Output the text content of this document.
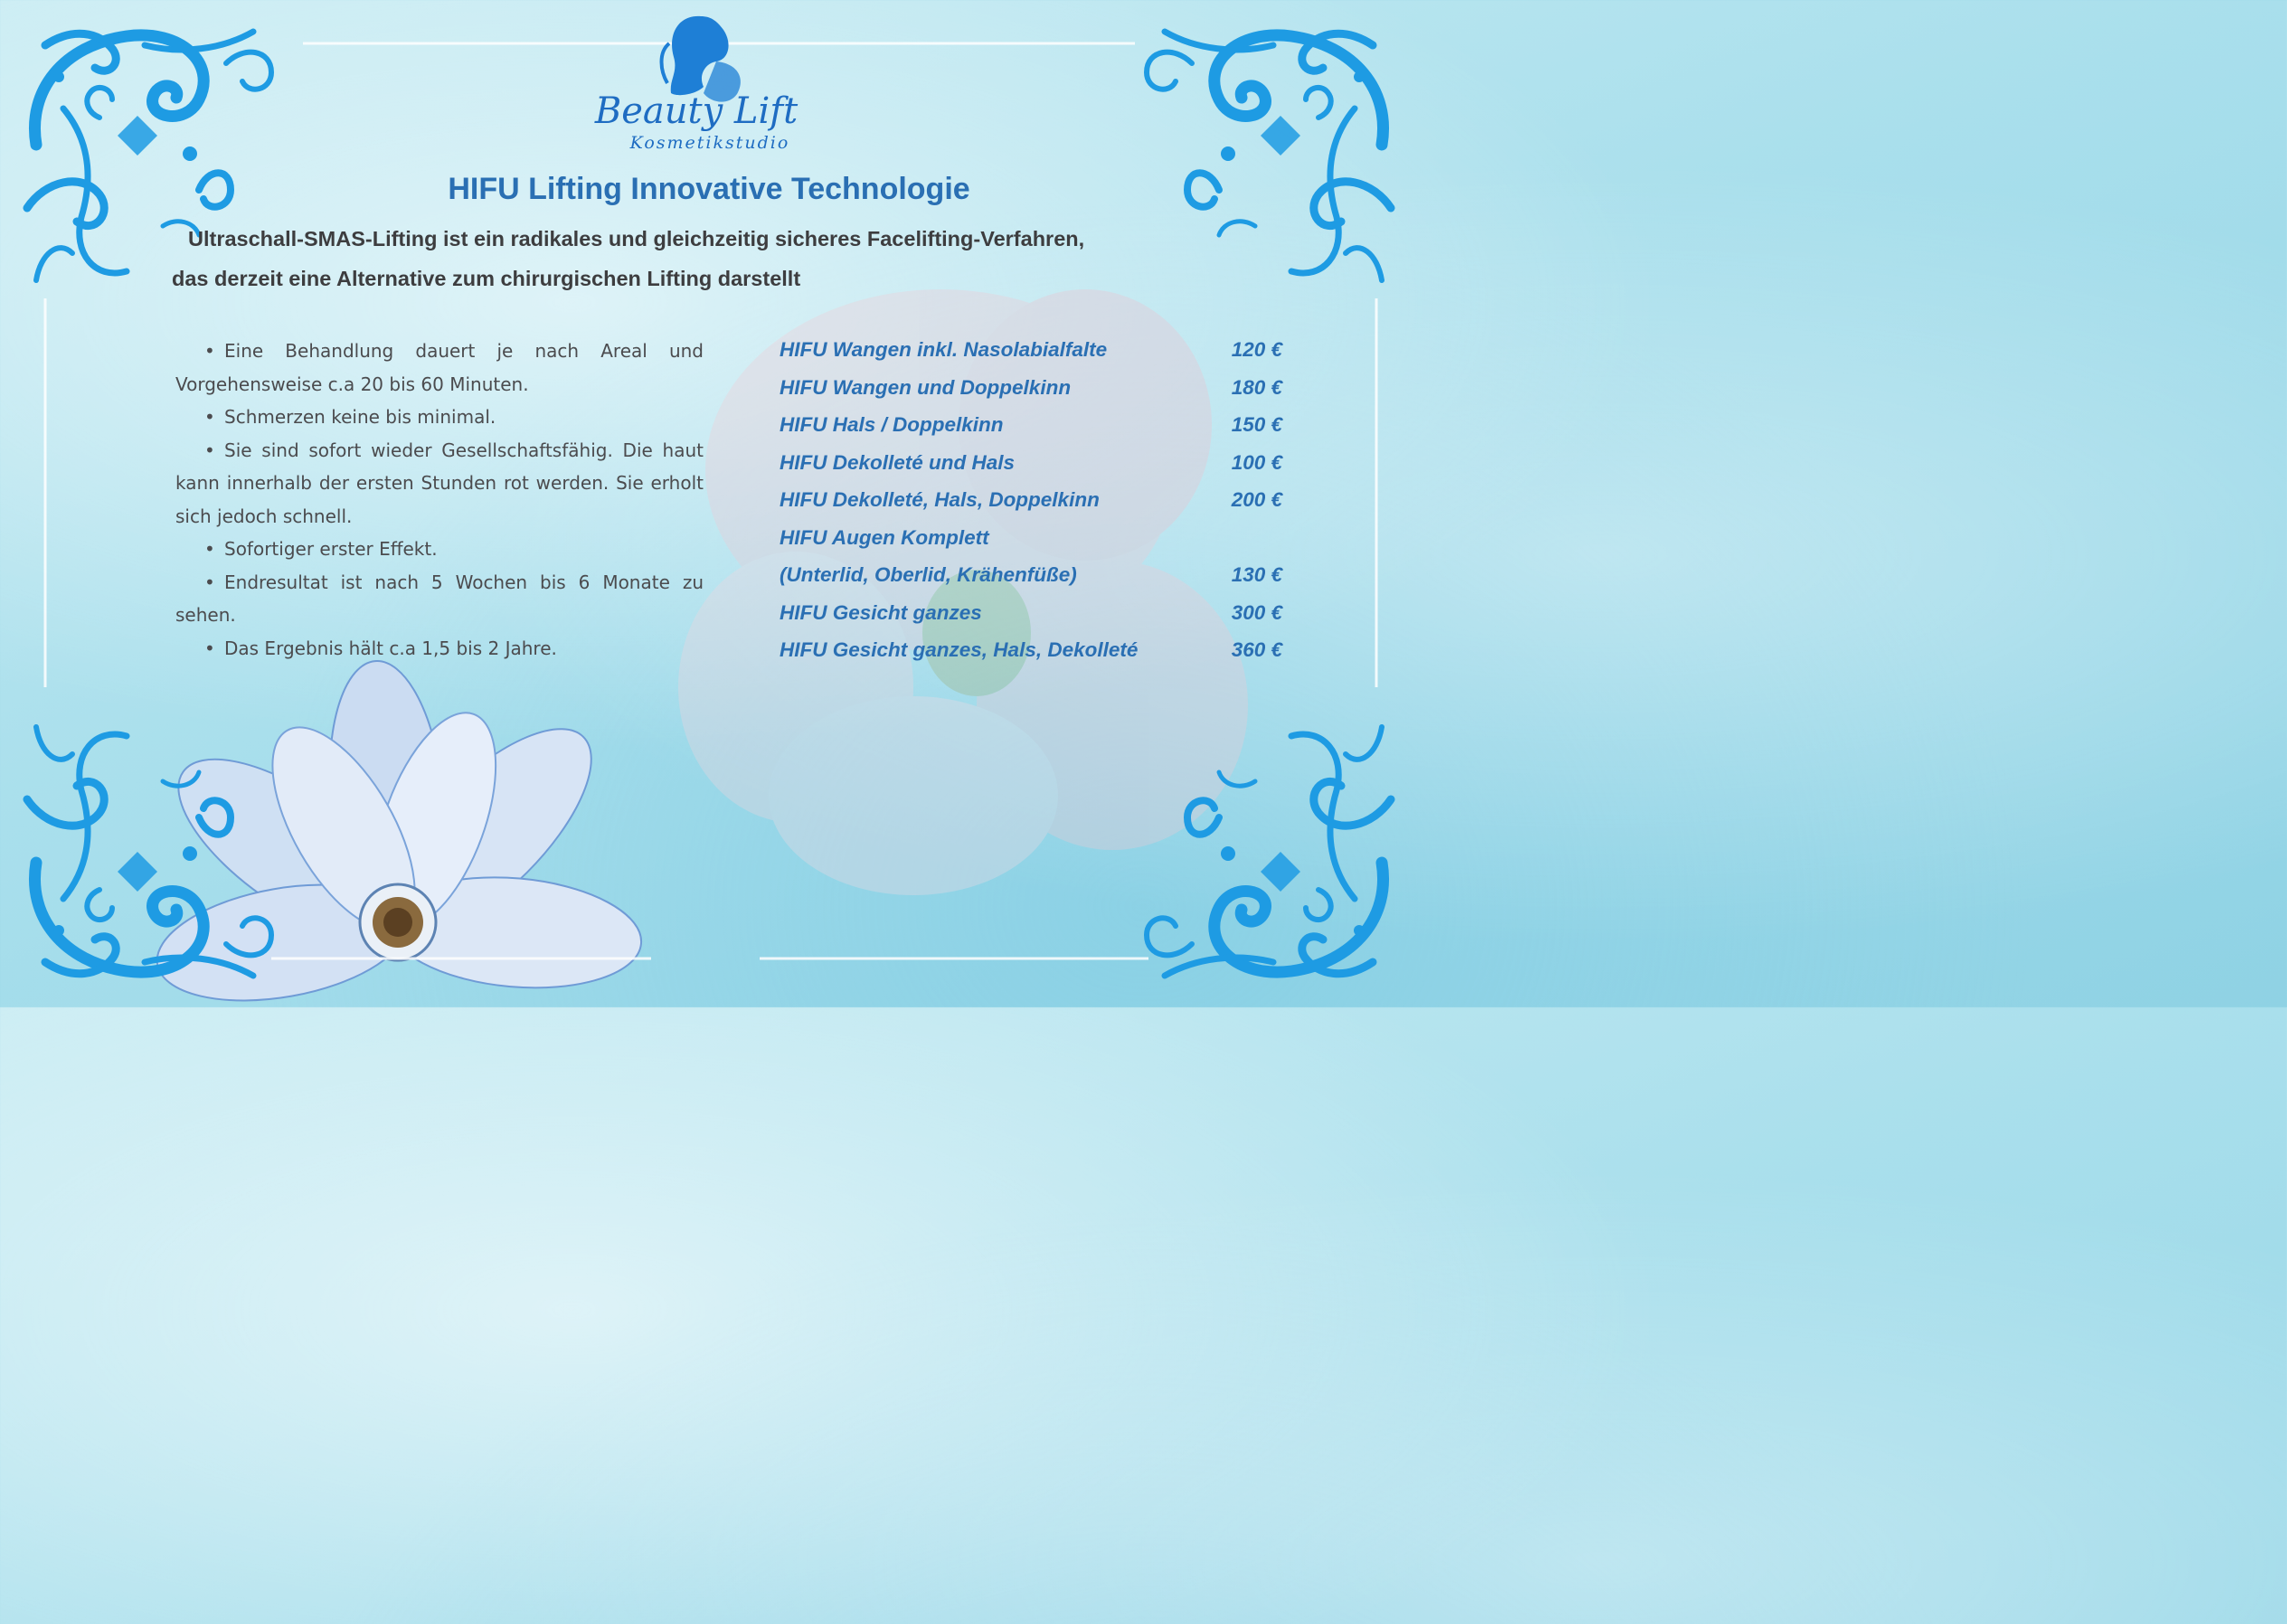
Beauty Lift
Kosmetikstudio
HIFU Lifting Innovative Technologie

Ultraschall-SMAS-Lifting ist ein radikales und gleichzeitig sicheres Facelifting-Verfahren,
das derzeit eine Alternative zum chirurgischen Lifting darstellt

• Eine Behandlung dauert je nach Areal und Vorgehensweise c.a 20 bis 60 Minuten.
• Schmerzen keine bis minimal.
• Sie sind sofort wieder Gesellschaftsfähig. Die haut kann innerhalb der ersten Stunden rot werden. Sie erholt sich jedoch schnell.
• Sofortiger erster Effekt.
• Endresultat ist nach 5 Wochen bis 6 Monate zu sehen.
• Das Ergebnis hält c.a 1,5 bis 2 Jahre.
HIFU Wangen inkl. Nasolabialfalte	120 €
HIFU Wangen und Doppelkinn	180 €
HIFU Hals / Doppelkinn	150 €
HIFU Dekolleté und Hals	100 €
HIFU Dekolleté, Hals, Doppelkinn	200 €
HIFU Augen Komplett
(Unterlid, Oberlid, Krähenfüße)	130 €
HIFU Gesicht ganzes	300 €
HIFU Gesicht ganzes, Hals, Dekolleté	360 €
